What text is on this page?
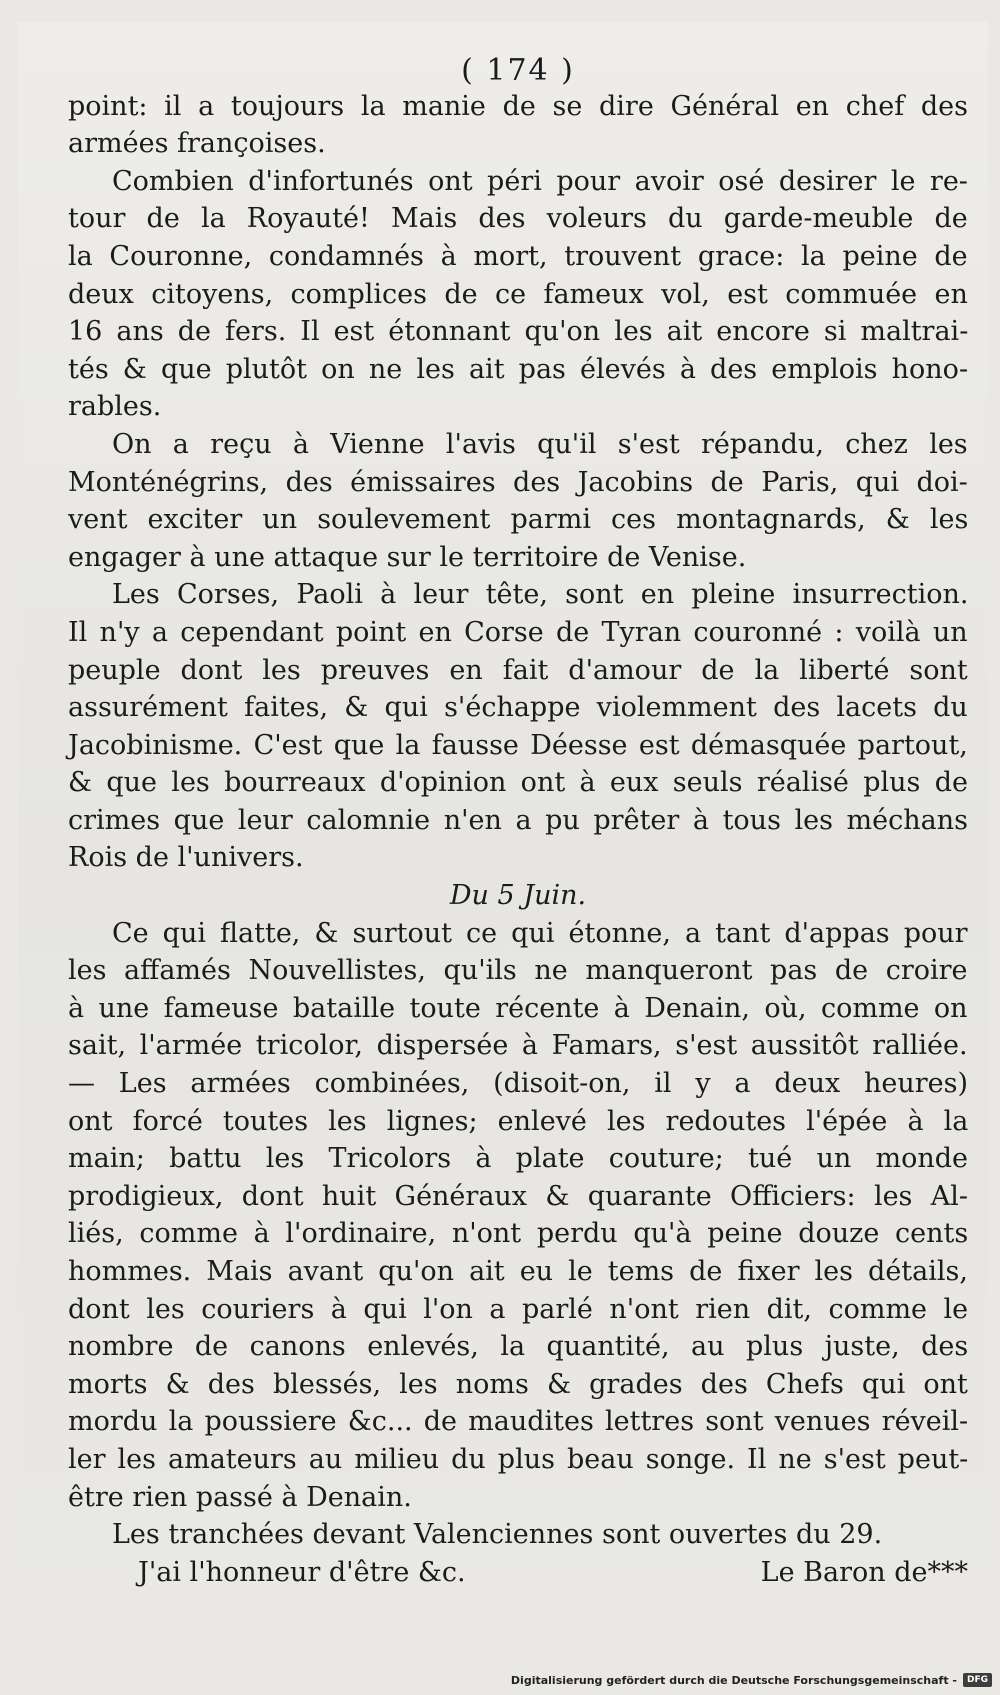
( 174 )
point: il a toujours la manie de se dire Général en chef des
armées françoises.
Combien d'infortunés ont péri pour avoir osé desirer le re-
tour de la Royauté! Mais des voleurs du garde-meuble de
la Couronne, condamnés à mort, trouvent grace: la peine de
deux citoyens, complices de ce fameux vol, est commuée en
16 ans de fers. Il est étonnant qu'on les ait encore si maltrai-
tés & que plutôt on ne les ait pas élevés à des emplois hono-
rables.
On a reçu à Vienne l'avis qu'il s'est répandu, chez les
Monténégrins, des émissaires des Jacobins de Paris, qui doi-
vent exciter un soulevement parmi ces montagnards, & les
engager à une attaque sur le territoire de Venise.
Les Corses, Paoli à leur tête, sont en pleine insurrection.
Il n'y a cependant point en Corse de Tyran couronné : voilà un
peuple dont les preuves en fait d'amour de la liberté sont
assurément faites, & qui s'échappe violemment des lacets du
Jacobinisme. C'est que la fausse Déesse est démasquée partout,
& que les bourreaux d'opinion ont à eux seuls réalisé plus de
crimes que leur calomnie n'en a pu prêter à tous les méchans
Rois de l'univers.
Du 5 Juin.
Ce qui flatte, & surtout ce qui étonne, a tant d'appas pour
les affamés Nouvellistes, qu'ils ne manqueront pas de croire
à une fameuse bataille toute récente à Denain, où, comme on
sait, l'armée tricolor, dispersée à Famars, s'est aussitôt ralliée.
— Les armées combinées, (disoit-on, il y a deux heures)
ont forcé toutes les lignes; enlevé les redoutes l'épée à la
main; battu les Tricolors à plate couture; tué un monde
prodigieux, dont huit Généraux & quarante Officiers: les Al-
liés, comme à l'ordinaire, n'ont perdu qu'à peine douze cents
hommes. Mais avant qu'on ait eu le tems de fixer les détails,
dont les couriers à qui l'on a parlé n'ont rien dit, comme le
nombre de canons enlevés, la quantité, au plus juste, des
morts & des blessés, les noms & grades des Chefs qui ont
mordu la poussiere &c... de maudites lettres sont venues réveil-
ler les amateurs au milieu du plus beau songe. Il ne s'est peut-
être rien passé à Denain.
Les tranchées devant Valenciennes sont ouvertes du 29.
J'ai l'honneur d'être &c.	Le Baron de***
Digitalisierung gefördert durch die Deutsche Forschungsgemeinschaft -	DFG
